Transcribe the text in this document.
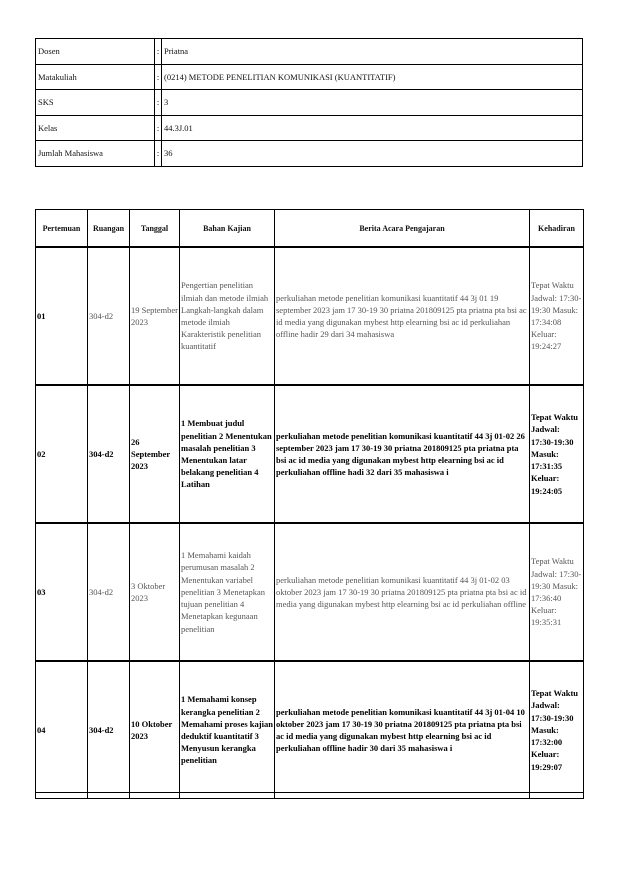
Dosen	:	Priatna
Matakuliah	:	(0214) METODE PENELITIAN KOMUNIKASI (KUANTITATIF)
SKS	:	3
Kelas	:	44.3J.01
Jumlah Mahasiswa	:	36
Pertemuan	Ruangan	Tanggal	Bahan Kajian	Berita Acara Pengajaran	Kehadiran
01	304-d2	19 September 2023	Pengertian penelitian ilmiah dan metode ilmiah Langkah-langkah dalam metode ilmiah Karakteristik penelitian kuantitatif	perkuliahan metode penelitian komunikasi kuantitatif 44 3j 01 19 september 2023 jam 17 30-19 30 priatna 201809125 pta priatna pta bsi ac id media yang digunakan mybest http elearning bsi ac id perkuliahan offline hadir 29 dari 34 mahasiswa	Tepat Waktu Jadwal: 17:30-19:30 Masuk: 17:34:08 Keluar: 19:24:27
02	304-d2	26 September 2023	1 Membuat judul penelitian 2 Menentukan masalah penelitian 3 Menentukan latar belakang penelitian 4 Latihan	perkuliahan metode penelitian komunikasi kuantitatif 44 3j 01-02 26 september 2023 jam 17 30-19 30 priatna 201809125 pta priatna pta bsi ac id media yang digunakan mybest http elearning bsi ac id perkuliahan offline hadi 32 dari 35 mahasiswa i	Tepat Waktu Jadwal: 17:30-19:30 Masuk: 17:31:35 Keluar: 19:24:05
03	304-d2	3 Oktober 2023	1 Memahami kaidah perumusan masalah 2 Menentukan variabel penelitian 3 Menetapkan tujuan penelitian 4 Menetapkan kegunaan penelitian	perkuliahan metode penelitian komunikasi kuantitatif 44 3j 01-02 03 oktober 2023 jam 17 30-19 30 priatna 201809125 pta priatna pta bsi ac id media yang digunakan mybest http elearning bsi ac id perkuliahan offline	Tepat Waktu Jadwal: 17:30-19:30 Masuk: 17:36:40 Keluar: 19:35:31
04	304-d2	10 Oktober 2023	1 Memahami konsep kerangka penelitian 2 Memahami proses kajian deduktif kuantitatif 3 Menyusun kerangka penelitian	perkuliahan metode penelitian komunikasi kuantitatif 44 3j 01-04 10 oktober 2023 jam 17 30-19 30 priatna 201809125 pta priatna pta bsi ac id media yang digunakan mybest http elearning bsi ac id perkuliahan offline hadir 30 dari 35 mahasiswa i	Tepat Waktu Jadwal: 17:30-19:30 Masuk: 17:32:00 Keluar: 19:29:07
